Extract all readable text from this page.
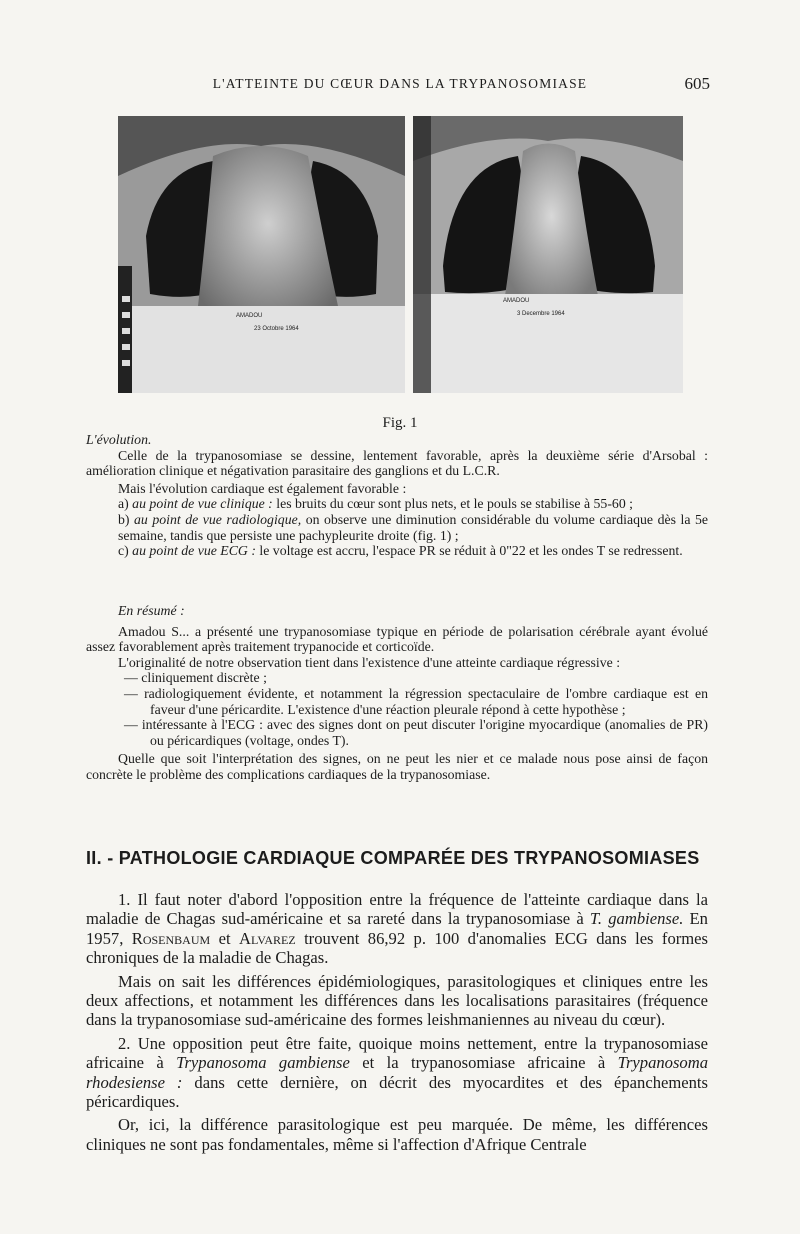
L'ATTEINTE DU CŒUR DANS LA TRYPANOSOMIASE	605
AMADOU
23 Octobre 1964
AMADOU
3 Decembre 1964
Fig. 1

L'évolution.

Celle de la trypanosomiase se dessine, lentement favorable, après la deuxième série d'Arsobal : amélioration clinique et négativation parasitaire des ganglions et du L.C.R.

Mais l'évolution cardiaque est également favorable :

a) au point de vue clinique : les bruits du cœur sont plus nets, et le pouls se stabilise à 55-60 ;

b) au point de vue radiologique, on observe une diminution considérable du volume cardiaque dès la 5e semaine, tandis que persiste une pachypleurite droite (fig. 1) ;

c) au point de vue ECG : le voltage est accru, l'espace PR se réduit à 0"22 et les ondes T se redressent.

En résumé :

Amadou S... a présenté une trypanosomiase typique en période de polarisation cérébrale ayant évolué assez favorablement après traitement trypanocide et corticoïde.

L'originalité de notre observation tient dans l'existence d'une atteinte cardiaque régressive :

— cliniquement discrète ;

— radiologiquement évidente, et notamment la régression spectaculaire de l'ombre cardiaque est en faveur d'une péricardite. L'existence d'une réaction pleurale répond à cette hypothèse ;

— intéressante à l'ECG : avec des signes dont on peut discuter l'origine myocardique (anomalies de PR) ou péricardiques (voltage, ondes T).

Quelle que soit l'interprétation des signes, on ne peut les nier et ce malade nous pose ainsi de façon concrète le problème des complications cardiaques de la trypanosomiase.

II. - PATHOLOGIE CARDIAQUE COMPARÉE DES TRYPANOSOMIASES

1. Il faut noter d'abord l'opposition entre la fréquence de l'atteinte cardiaque dans la maladie de Chagas sud-américaine et sa rareté dans la trypanosomiase à T. gambiense. En 1957, Rosenbaum et Alvarez trouvent 86,92 p. 100 d'anomalies ECG dans les formes chroniques de la maladie de Chagas.

Mais on sait les différences épidémiologiques, parasitologiques et cliniques entre les deux affections, et notamment les différences dans les localisations parasitaires (fréquence dans la trypanosomiase sud-américaine des formes leishmaniennes au niveau du cœur).

2. Une opposition peut être faite, quoique moins nettement, entre la trypanosomiase africaine à Trypanosoma gambiense et la trypanosomiase africaine à Trypanosoma rhodesiense : dans cette dernière, on décrit des myocardites et des épanchements péricardiques.

Or, ici, la différence parasitologique est peu marquée. De même, les différences cliniques ne sont pas fondamentales, même si l'affection d'Afrique Centrale
